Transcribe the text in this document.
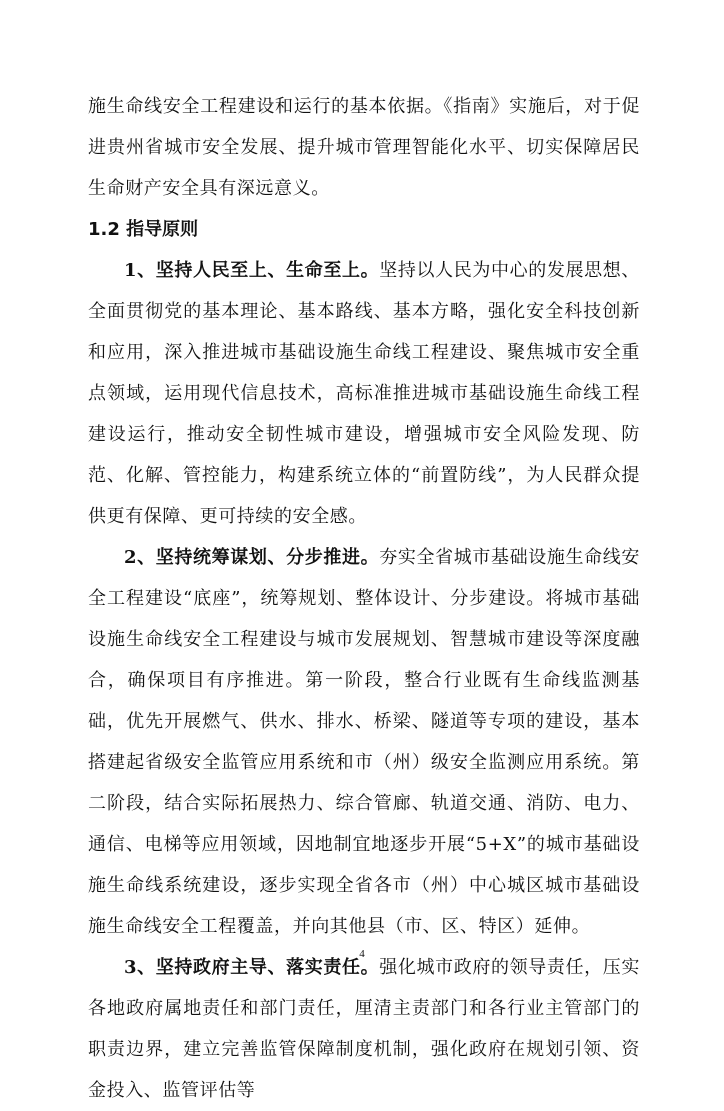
施生命线安全工程建设和运行的基本依据。《指南》实施后，对于促进贵州省城市安全发展、提升城市管理智能化水平、切实保障居民生命财产安全具有深远意义。

1.2 指导原则

1、坚持人民至上、生命至上。坚持以人民为中心的发展思想、全面贯彻党的基本理论、基本路线、基本方略，强化安全科技创新和应用，深入推进城市基础设施生命线工程建设、聚焦城市安全重点领域，运用现代信息技术，高标准推进城市基础设施生命线工程建设运行，推动安全韧性城市建设，增强城市安全风险发现、防范、化解、管控能力，构建系统立体的“前置防线”，为人民群众提供更有保障、更可持续的安全感。

2、坚持统筹谋划、分步推进。夯实全省城市基础设施生命线安全工程建设“底座”，统筹规划、整体设计、分步建设。将城市基础设施生命线安全工程建设与城市发展规划、智慧城市建设等深度融合，确保项目有序推进。第一阶段，整合行业既有生命线监测基础，优先开展燃气、供水、排水、桥梁、隧道等专项的建设，基本搭建起省级安全监管应用系统和市（州）级安全监测应用系统。第二阶段，结合实际拓展热力、综合管廊、轨道交通、消防、电力、通信、电梯等应用领域，因地制宜地逐步开展“5+X”的城市基础设施生命线系统建设，逐步实现全省各市（州）中心城区城市基础设施生命线安全工程覆盖，并向其他县（市、区、特区）延伸。

3、坚持政府主导、落实责任。强化城市政府的领导责任，压实各地政府属地责任和部门责任，厘清主责部门和各行业主管部门的职责边界，建立完善监管保障制度机制，强化政府在规划引领、资金投入、监管评估等

4
